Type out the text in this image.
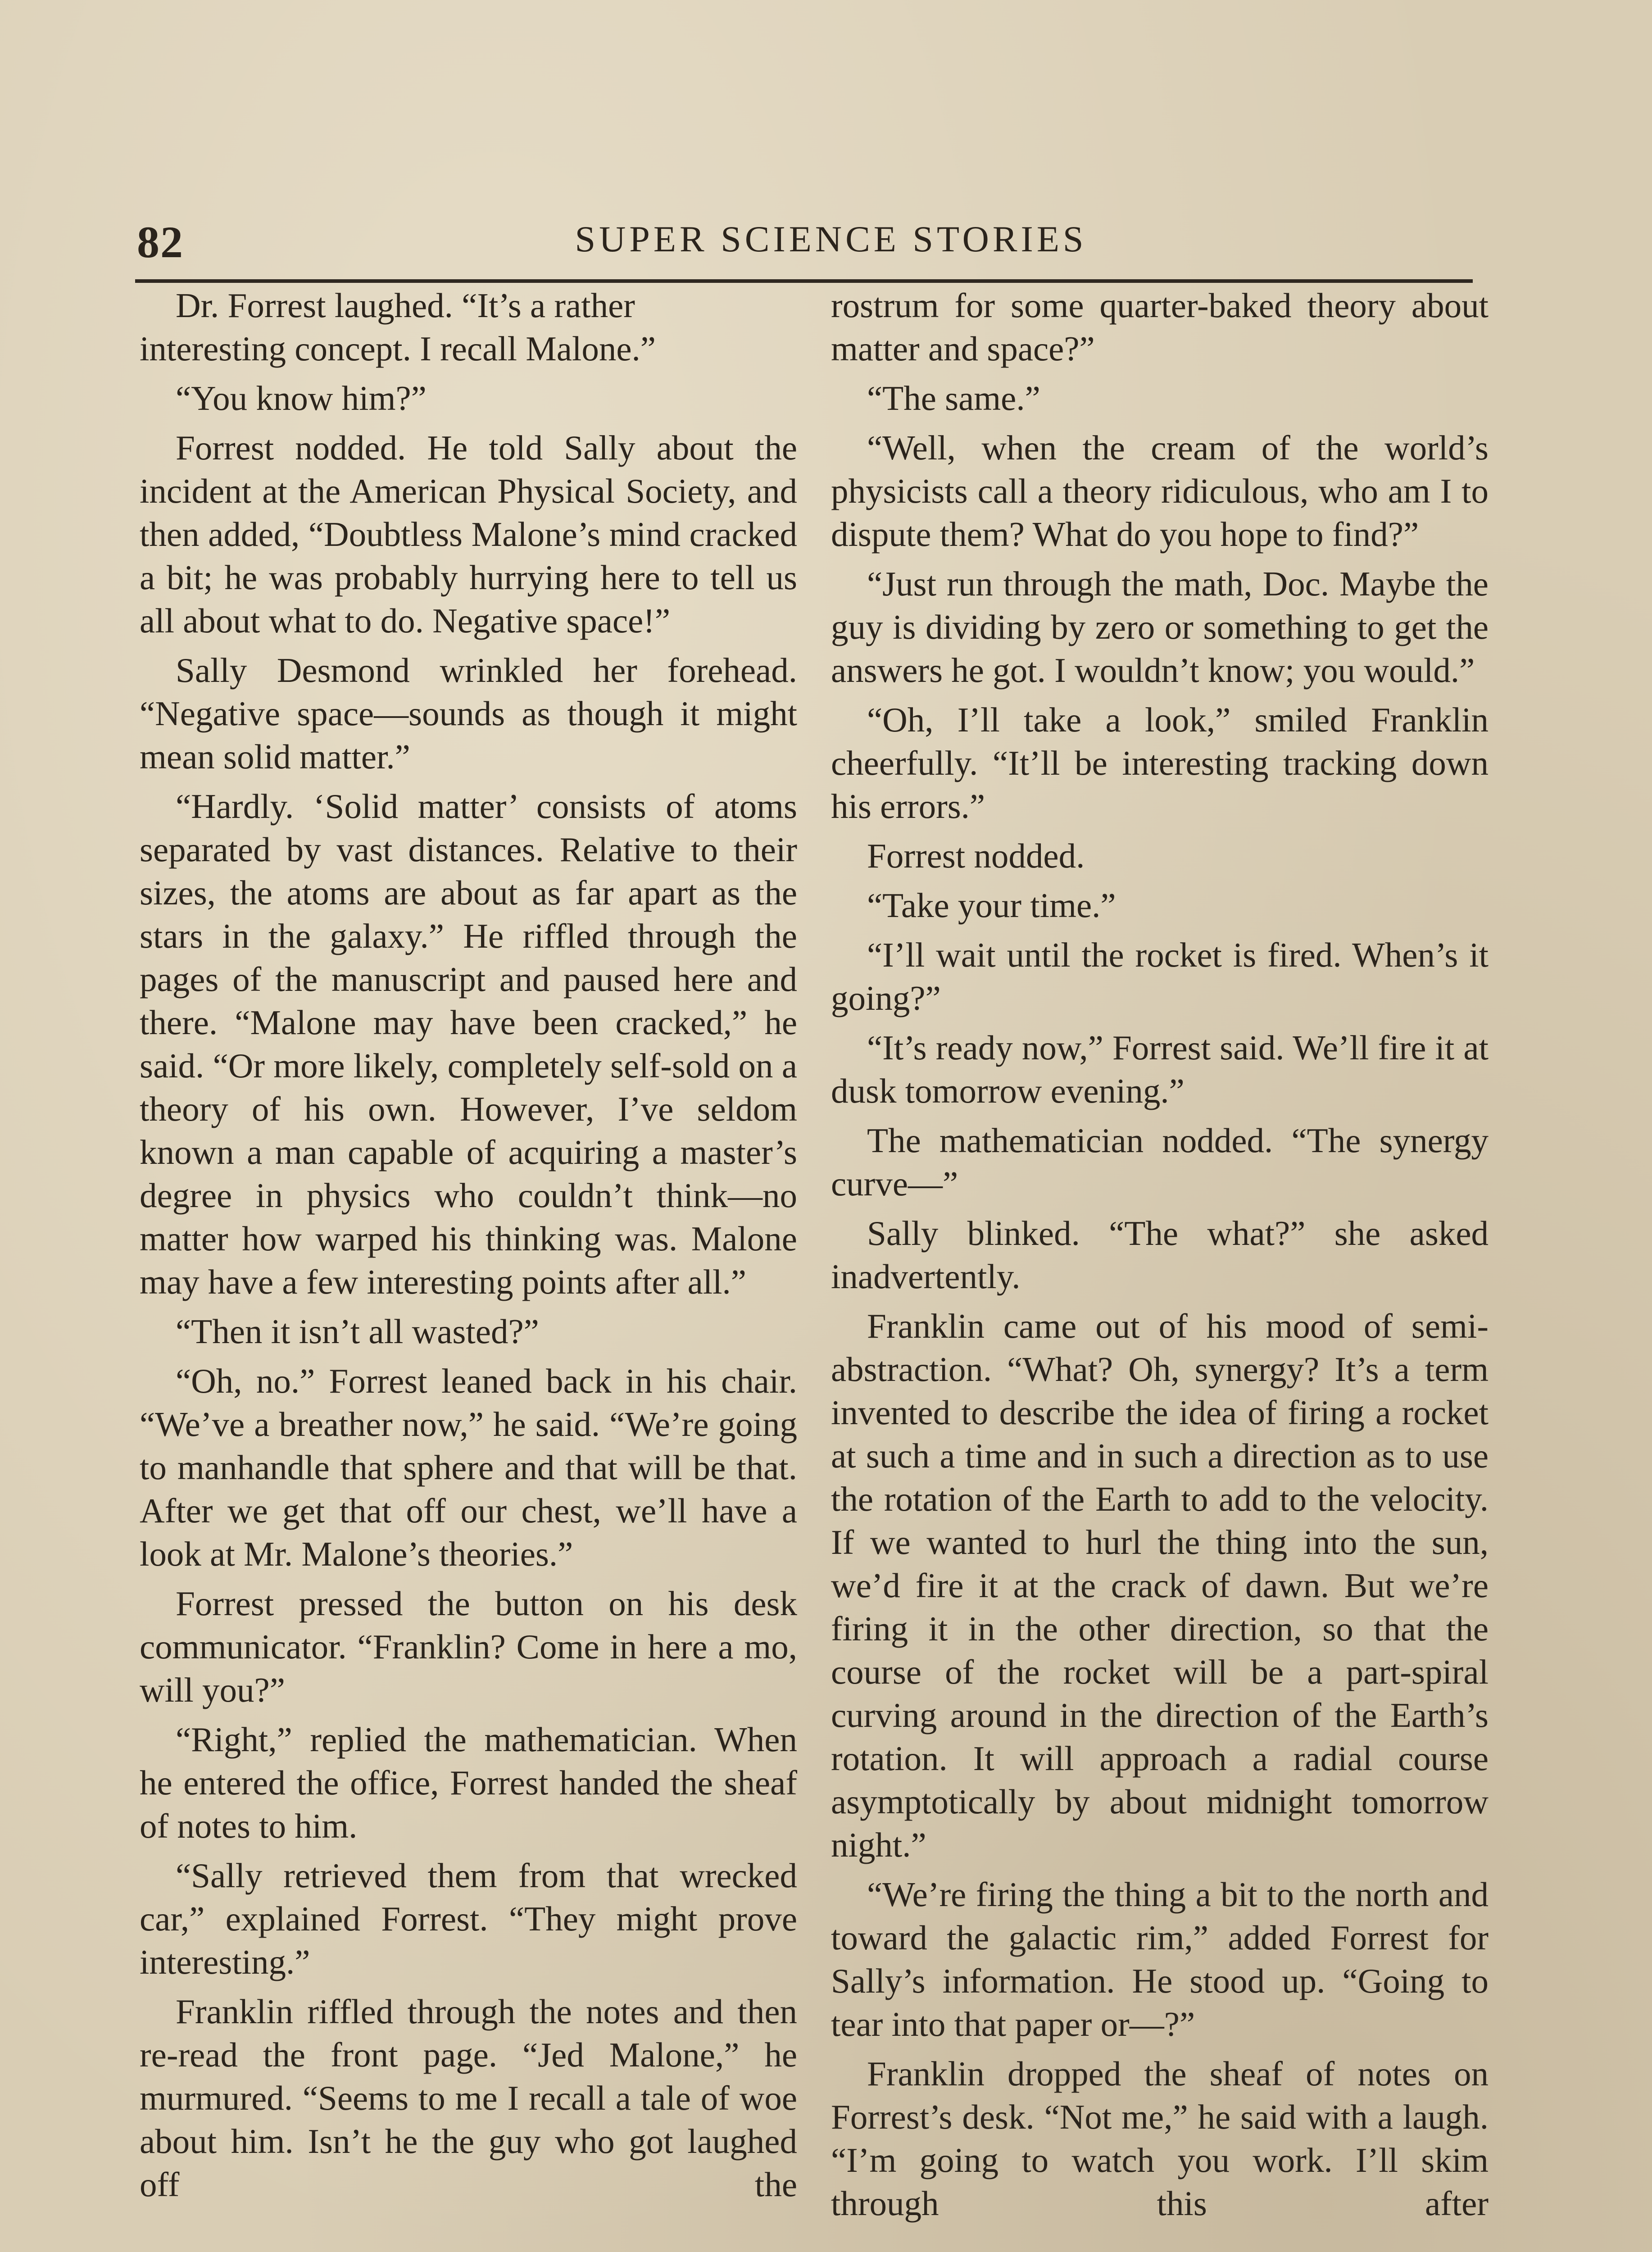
82	SUPER SCIENCE STORIES

Dr. Forrest laughed. “It’s a rather
interesting concept. I recall Malone.”

“You know him?”

Forrest nodded. He told Sally about the incident at the American Physical Society, and then added, “Doubtless Malone’s mind cracked a bit; he was probably hurrying here to tell us all about what to do. Negative space!”

Sally Desmond wrinkled her forehead. “Negative space—sounds as though it might mean solid matter.”

“Hardly. ‘Solid matter’ consists of atoms separated by vast distances. Relative to their sizes, the atoms are about as far apart as the stars in the galaxy.” He riffled through the pages of the manuscript and paused here and there. “Malone may have been cracked,” he said. “Or more likely, completely self-sold on a theory of his own. However, I’ve seldom known a man capable of acquiring a master’s degree in physics who couldn’t think—no matter how warped his thinking was. Malone may have a few interesting points after all.”

“Then it isn’t all wasted?”

“Oh, no.” Forrest leaned back in his chair. “We’ve a breather now,” he said. “We’re going to manhandle that sphere and that will be that. After we get that off our chest, we’ll have a look at Mr. Malone’s theories.”

Forrest pressed the button on his desk communicator. “Franklin? Come in here a mo, will you?”

“Right,” replied the mathematician. When he entered the office, Forrest handed the sheaf of notes to him.

“Sally retrieved them from that wrecked car,” explained Forrest. “They might prove interesting.”

Franklin riffled through the notes and then re-read the front page. “Jed Malone,” he murmured. “Seems to me I recall a tale of woe about him. Isn’t he the guy who got laughed off the

rostrum for some quarter-baked theory about matter and space?”

“The same.”

“Well, when the cream of the world’s physicists call a theory ridiculous, who am I to dispute them? What do you hope to find?”

“Just run through the math, Doc. Maybe the guy is dividing by zero or something to get the answers he got. I wouldn’t know; you would.”

“Oh, I’ll take a look,” smiled Franklin cheerfully. “It’ll be interesting tracking down his errors.”

Forrest nodded.

“Take your time.”

“I’ll wait until the rocket is fired. When’s it going?”

“It’s ready now,” Forrest said. We’ll fire it at dusk tomorrow evening.”

The mathematician nodded. “The synergy curve—”

Sally blinked. “The what?” she asked inadvertently.

Franklin came out of his mood of semi-abstraction. “What? Oh, synergy? It’s a term invented to describe the idea of firing a rocket at such a time and in such a direction as to use the rotation of the Earth to add to the velocity. If we wanted to hurl the thing into the sun, we’d fire it at the crack of dawn. But we’re firing it in the other direction, so that the course of the rocket will be a part-spiral curving around in the direction of the Earth’s rotation. It will approach a radial course asymptotically by about midnight tomorrow night.”

“We’re firing the thing a bit to the north and toward the galactic rim,” added Forrest for Sally’s information. He stood up. “Going to tear into that paper or—?”

Franklin dropped the sheaf of notes on Forrest’s desk. “Not me,” he said with a laugh. “I’m going to watch you work. I’ll skim through this after
